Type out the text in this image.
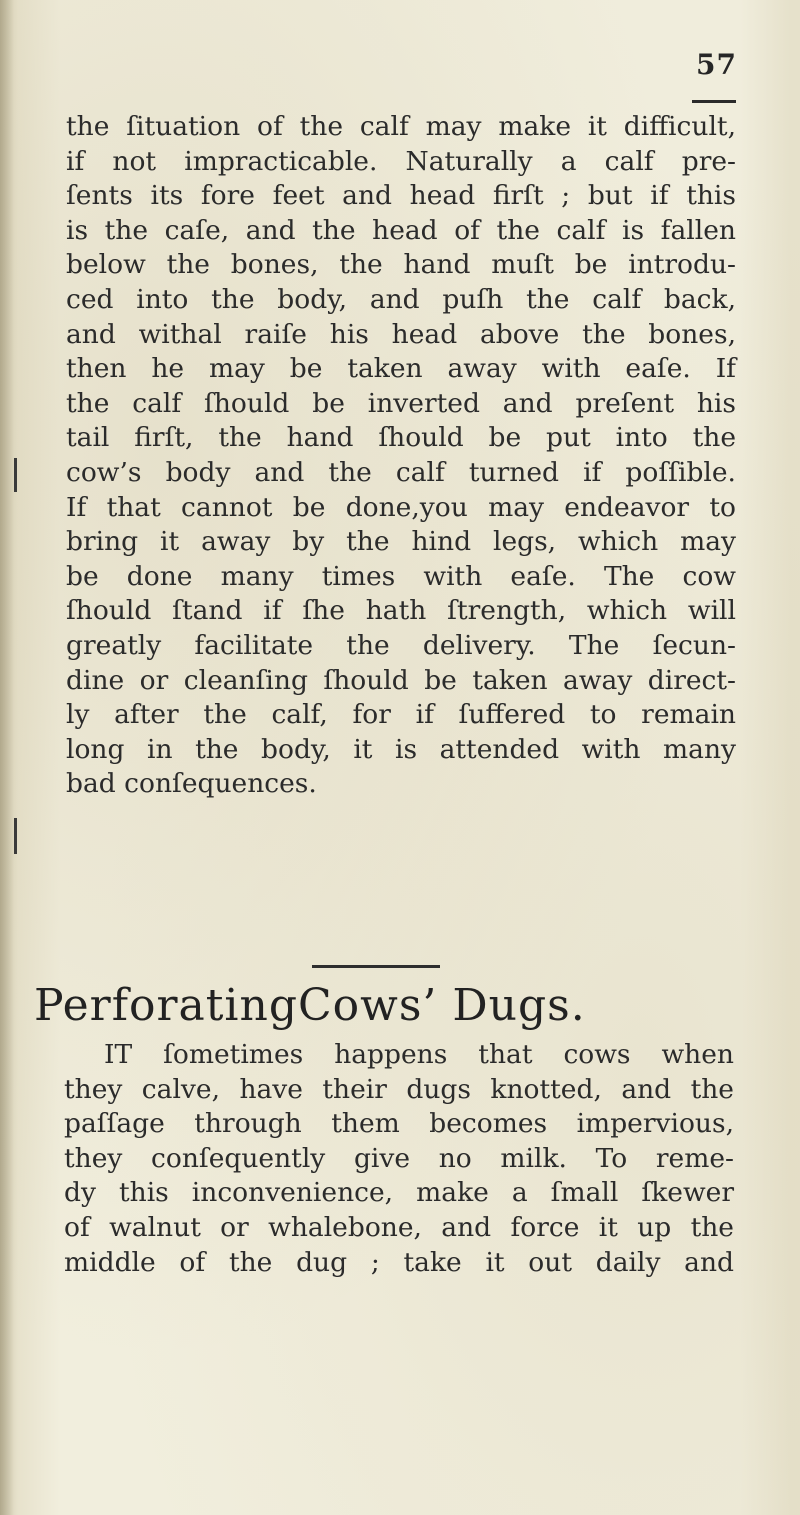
57
the ſituation of the calf may make it difficult,
if not impracticable. Naturally a calf pre-
ſents its fore feet and head firſt ; but if this
is the caſe, and the head of the calf is fallen
below the bones, the hand muſt be introdu-
ced into the body, and puſh the calf back,
and withal raiſe his head above the bones,
then he may be taken away with eaſe. If
the calf ſhould be inverted and preſent his
tail firſt, the hand ſhould be put into the
cow’s body and the calf turned if poſſible.
If that cannot be done,you may endeavor to
bring it away by the hind legs, which may
be done many times with eaſe. The cow
ſhould ſtand if ſhe hath ſtrength, which will
greatly facilitate the delivery. The ſecun-
dine or cleanſing ſhould be taken away direct-
ly after the calf, for if ſuffered to remain
long in the body, it is attended with many
bad conſequences.
PerforatingCows’ Dugs.
IT ſometimes happens that cows when
they calve, have their dugs knotted, and the
paſſage through them becomes impervious,
they conſequently give no milk. To reme-
dy this inconvenience, make a ſmall ſkewer
of walnut or whalebone, and force it up the
middle of the dug ; take it out daily and
